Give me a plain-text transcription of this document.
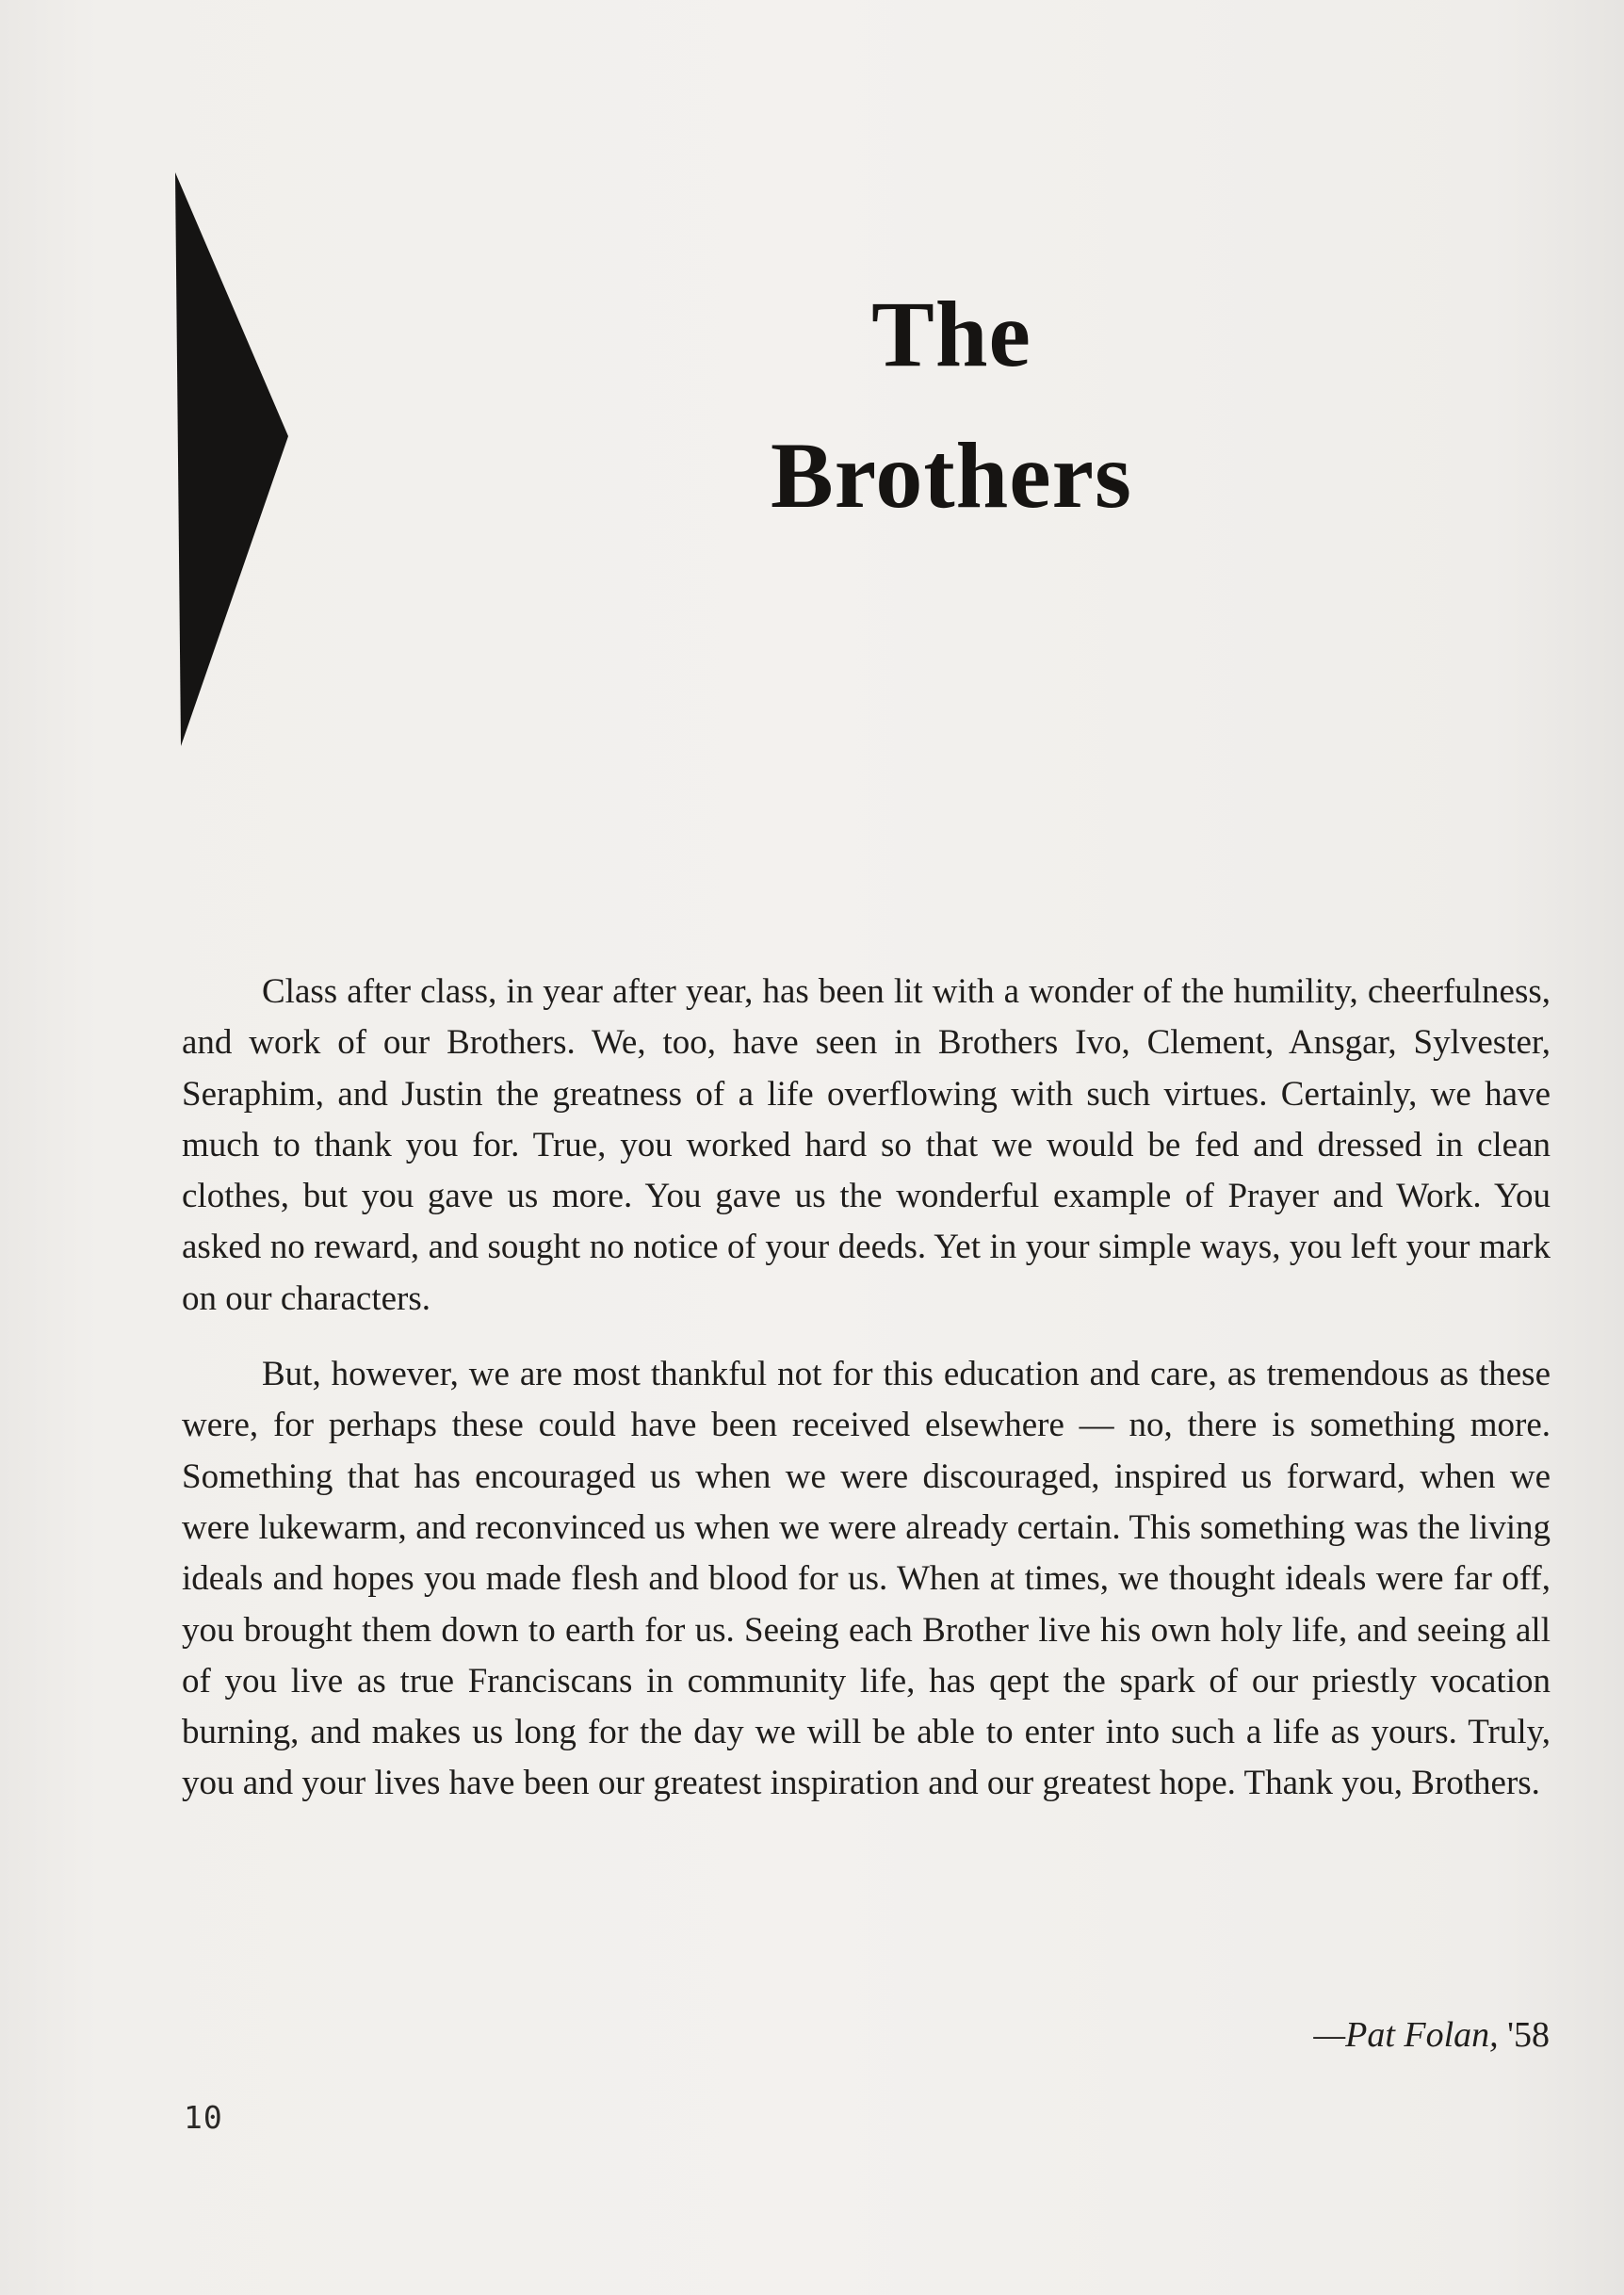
The
Brothers

Class after class, in year after year, has been lit with a wonder of the humility, cheerfulness, and work of our Brothers. We, too, have seen in Brothers Ivo, Clement, Ansgar, Sylvester, Seraphim, and Justin the greatness of a life overflowing with such virtues. Certainly, we have much to thank you for. True, you worked hard so that we would be fed and dressed in clean clothes, but you gave us more. You gave us the wonderful example of Prayer and Work. You asked no reward, and sought no notice of your deeds. Yet in your simple ways, you left your mark on our characters.

But, however, we are most thankful not for this education and care, as tremendous as these were, for perhaps these could have been received elsewhere — no, there is something more. Something that has encouraged us when we were discouraged, inspired us forward, when we were lukewarm, and reconvinced us when we were already certain. This something was the living ideals and hopes you made flesh and blood for us. When at times, we thought ideals were far off, you brought them down to earth for us. Seeing each Brother live his own holy life, and seeing all of you live as true Franciscans in community life, has qept the spark of our priestly vocation burning, and makes us long for the day we will be able to enter into such a life as yours. Truly, you and your lives have been our greatest inspiration and our greatest hope. Thank you, Brothers.

—Pat Folan, '58
10
